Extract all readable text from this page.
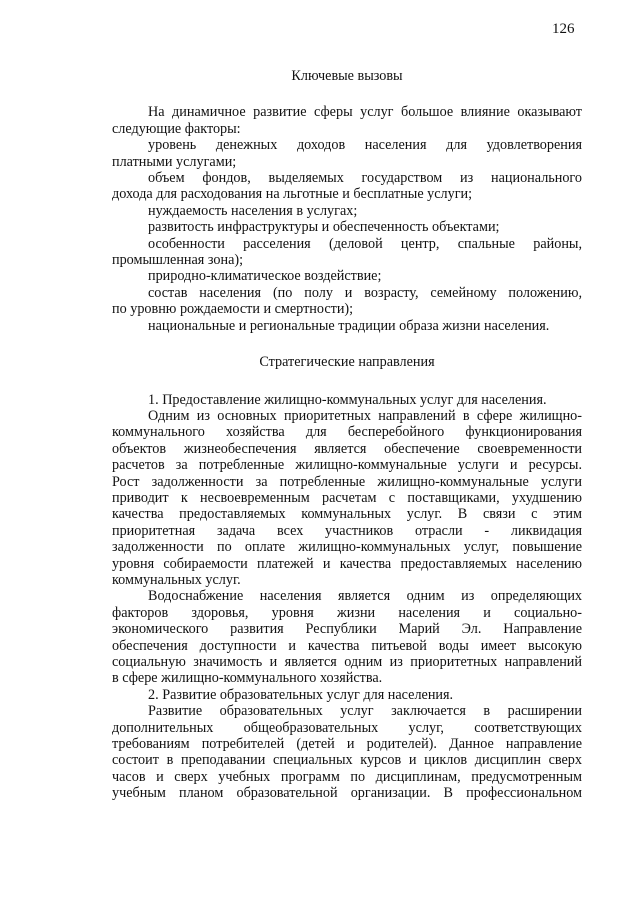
126
Ключевые вызовы
На динамичное развитие сферы услуг большое влияние оказывают
следующие факторы:
уровень денежных доходов населения для удовлетворения
платными услугами;
объем фондов, выделяемых государством из национального
дохода для расходования на льготные и бесплатные услуги;
нуждаемость населения в услугах;
развитость инфраструктуры и обеспеченность объектами;
особенности расселения (деловой центр, спальные районы,
промышленная зона);
природно-климатическое воздействие;
состав населения (по полу и возрасту, семейному положению,
по уровню рождаемости и смертности);
национальные и региональные традиции образа жизни населения.
Стратегические направления
1. Предоставление жилищно-коммунальных услуг для населения.
Одним из основных приоритетных направлений в сфере жилищно-
коммунального хозяйства для бесперебойного функционирования
объектов жизнеобеспечения является обеспечение своевременности
расчетов за потребленные жилищно-коммунальные услуги и ресурсы.
Рост задолженности за потребленные жилищно-коммунальные услуги
приводит к несвоевременным расчетам с поставщиками, ухудшению
качества предоставляемых коммунальных услуг. В связи с этим
приоритетная задача всех участников отрасли - ликвидация
задолженности по оплате жилищно-коммунальных услуг, повышение
уровня собираемости платежей и качества предоставляемых населению
коммунальных услуг.
Водоснабжение населения является одним из определяющих
факторов здоровья, уровня жизни населения и социально-
экономического развития Республики Марий Эл. Направление
обеспечения доступности и качества питьевой воды имеет высокую
социальную значимость и является одним из приоритетных направлений
в сфере жилищно-коммунального хозяйства.
2. Развитие образовательных услуг для населения.
Развитие образовательных услуг заключается в расширении
дополнительных общеобразовательных услуг, соответствующих
требованиям потребителей (детей и родителей). Данное направление
состоит в преподавании специальных курсов и циклов дисциплин сверх
часов и сверх учебных программ по дисциплинам, предусмотренным
учебным планом образовательной организации. В профессиональном
